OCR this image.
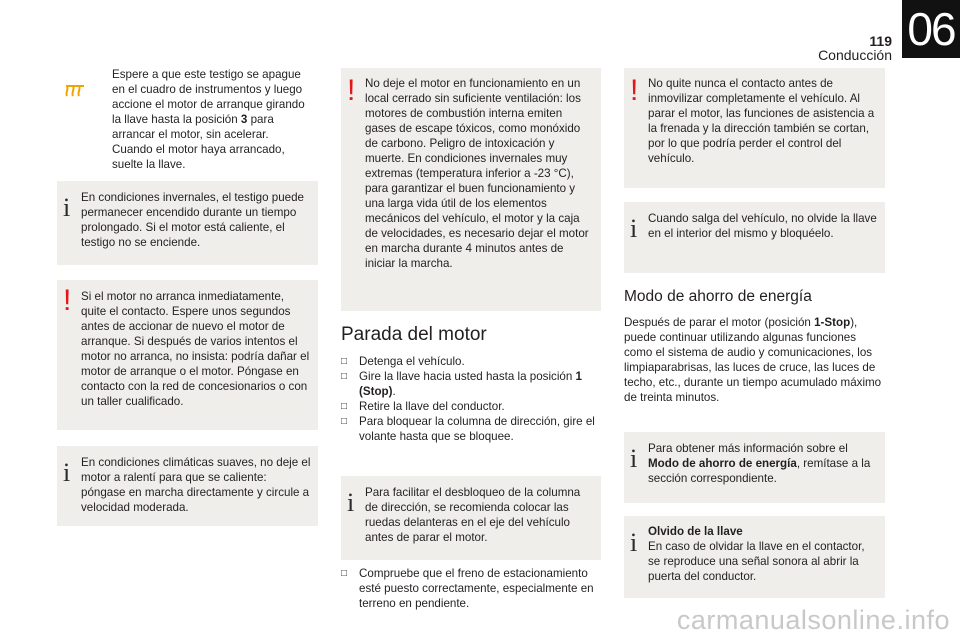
119
Conducción 06
Espere a que este testigo se apague en el cuadro de instrumentos y luego accione el motor de arranque girando la llave hasta la posición 3 para arrancar el motor, sin acelerar. Cuando el motor haya arrancado, suelte la llave.
i En condiciones invernales, el testigo puede permanecer encendido durante un tiempo prolongado. Si el motor está caliente, el testigo no se enciende.
! Si el motor no arranca inmediatamente, quite el contacto. Espere unos segundos antes de accionar de nuevo el motor de arranque. Si después de varios intentos el motor no arranca, no insista: podría dañar el motor de arranque o el motor. Póngase en contacto con la red de concesionarios o con un taller cualificado.
i En condiciones climáticas suaves, no deje el motor a ralentí para que se caliente: póngase en marcha directamente y circule a velocidad moderada.
! No deje el motor en funcionamiento en un local cerrado sin suficiente ventilación: los motores de combustión interna emiten gases de escape tóxicos, como monóxido de carbono. Peligro de intoxicación y muerte. En condiciones invernales muy extremas (temperatura inferior a -23 °C), para garantizar el buen funcionamiento y una larga vida útil de los elementos mecánicos del vehículo, el motor y la caja de velocidades, es necesario dejar el motor en marcha durante 4 minutos antes de iniciar la marcha.
Parada del motor
□ Detenga el vehículo.
□ Gire la llave hacia usted hasta la posición 1 (Stop).
□ Retire la llave del conductor.
□ Para bloquear la columna de dirección, gire el volante hasta que se bloquee.
i Para facilitar el desbloqueo de la columna de dirección, se recomienda colocar las ruedas delanteras en el eje del vehículo antes de parar el motor.
□ Compruebe que el freno de estacionamiento esté puesto correctamente, especialmente en terreno en pendiente.
! No quite nunca el contacto antes de inmovilizar completamente el vehículo. Al parar el motor, las funciones de asistencia a la frenada y la dirección también se cortan, por lo que podría perder el control del vehículo.
i Cuando salga del vehículo, no olvide la llave en el interior del mismo y bloquéelo.
Modo de ahorro de energía
Después de parar el motor (posición 1-Stop), puede continuar utilizando algunas funciones como el sistema de audio y comunicaciones, los limpiaparabrisas, las luces de cruce, las luces de techo, etc., durante un tiempo acumulado máximo de treinta minutos.
i Para obtener más información sobre el Modo de ahorro de energía, remítase a la sección correspondiente.
i Olvido de la llave
En caso de olvidar la llave en el contactor, se reproduce una señal sonora al abrir la puerta del conductor.
carmanualsonline.info
